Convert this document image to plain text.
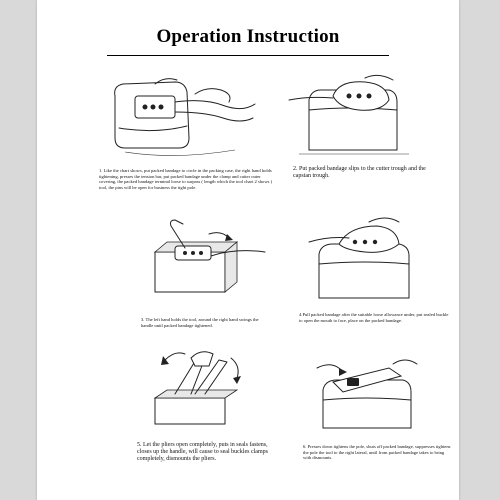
Operation Instruction
1. Like the chart shows, put packed bandage to circle in the packing case, the right hand holds tightening, presses the tension bar, put packed bandage under the clamp and cutter outer covering, the packed bandage terminal loose to surpass ( length which the tool chart 2 shows ) tool, the pins will be open for business the tight pole.
2. Put packed bandage slips to the cutter trough and the capstan trough.
3. The left hand holds the tool, around the right hand swings the handle until packed bandage tightened.
4.Pull packed bandage after the suitable loose allowance under, put sealed buckle to open the mouth to face, place on the packed bandage.
5. Let the pliers open completely, puts in seals fastens, closes up the handle, will cause to seal buckles clamps completely, dismounts the pliers.
6. Presses down tightens the pole, shuts off packed bandage, suppresses tightens the pole the tool to the right lateral, until from packed bandage takes to bring with dismounts.
